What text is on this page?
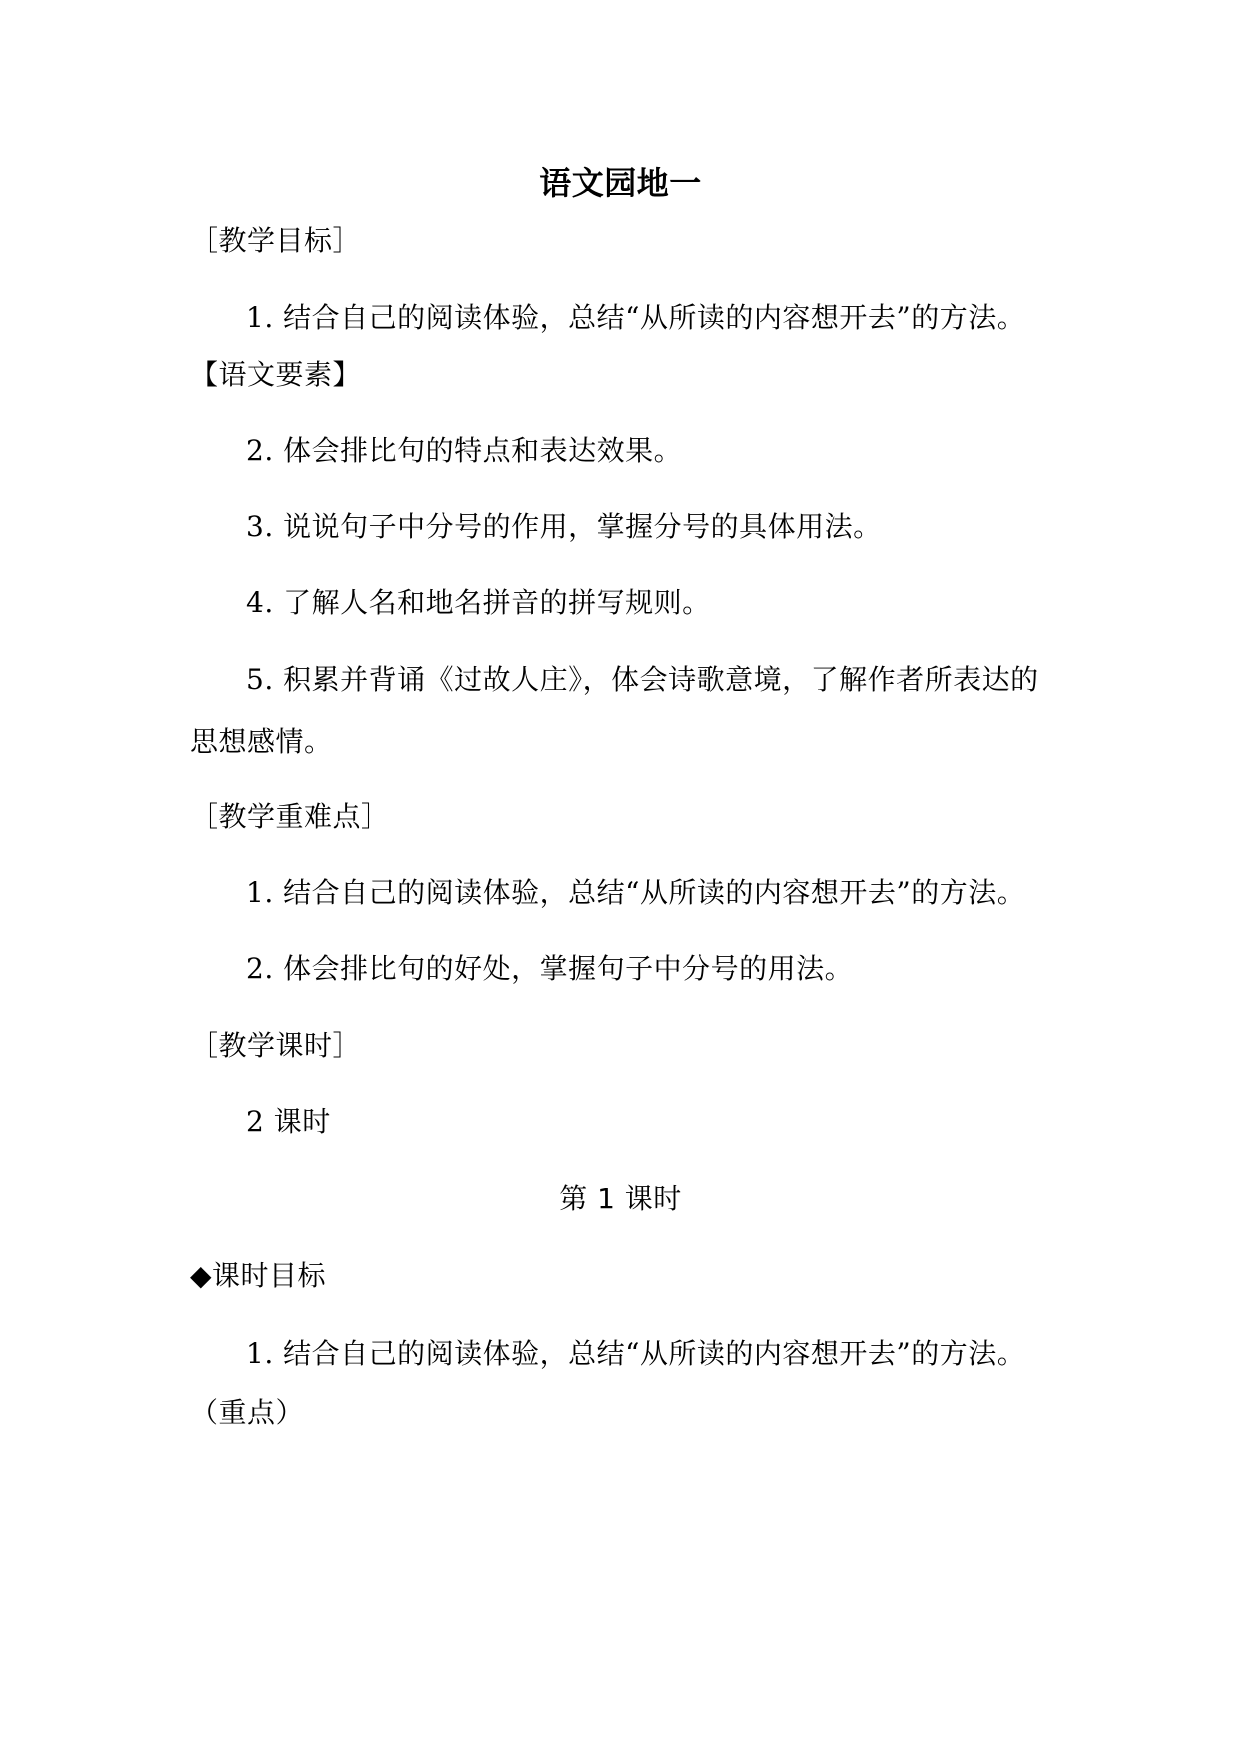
语文园地一
［教学目标］
1. 结合自己的阅读体验，总结“从所读的内容想开去”的方法。
【语文要素】
2. 体会排比句的特点和表达效果。
3. 说说句子中分号的作用，掌握分号的具体用法。
4. 了解人名和地名拼音的拼写规则。
5. 积累并背诵《过故人庄》，体会诗歌意境，了解作者所表达的
思想感情。
［教学重难点］
1. 结合自己的阅读体验，总结“从所读的内容想开去”的方法。
2. 体会排比句的好处，掌握句子中分号的用法。
［教学课时］
2 课时
第 1 课时
◆课时目标
1. 结合自己的阅读体验，总结“从所读的内容想开去”的方法。
（重点）
